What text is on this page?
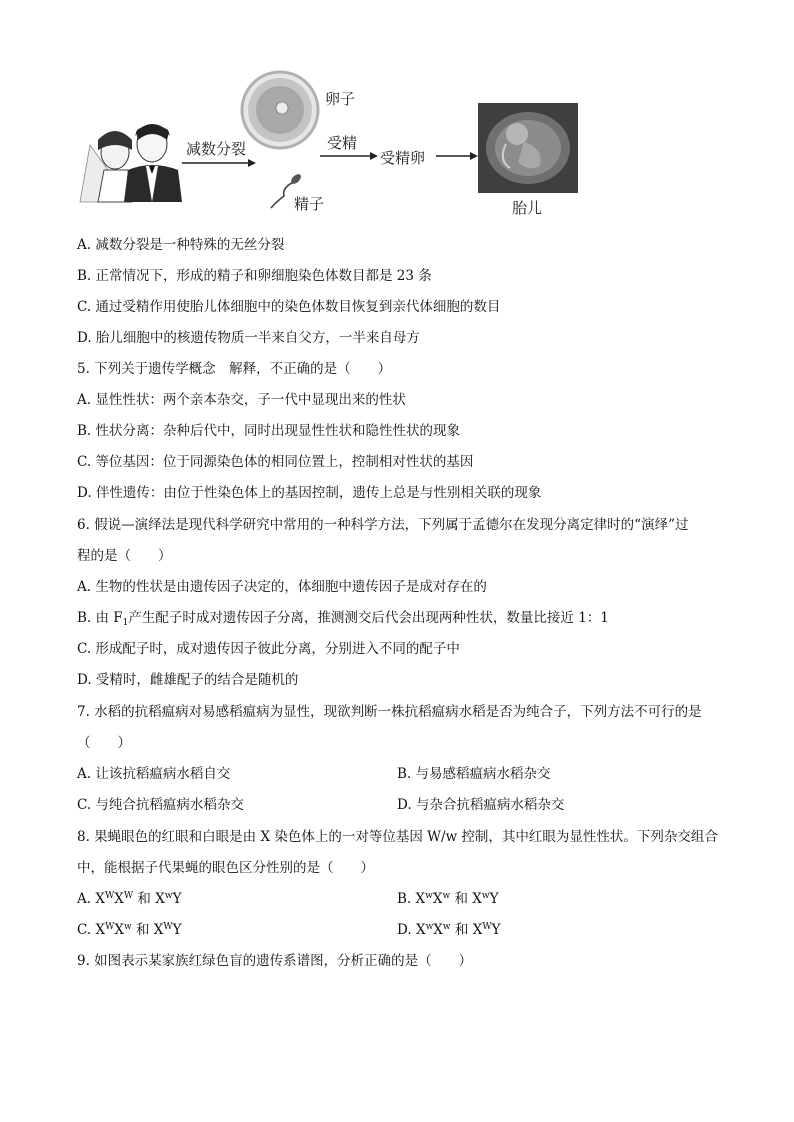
卵子
减数分裂	受精
受精卵
精子	胎儿
A. 减数分裂是一种特殊的无丝分裂
B. 正常情况下，形成的精子和卵细胞染色体数目都是 23 条
C. 通过受精作用使胎儿体细胞中的染色体数目恢复到亲代体细胞的数目
D. 胎儿细胞中的核遗传物质一半来自父方，一半来自母方
5. 下列关于遗传学概念　解释，不正确的是（　　）
A. 显性性状：两个亲本杂交，子一代中显现出来的性状
B. 性状分离：杂种后代中，同时出现显性性状和隐性性状的现象
C. 等位基因：位于同源染色体的相同位置上，控制相对性状的基因
D. 伴性遗传：由位于性染色体上的基因控制，遗传上总是与性别相关联的现象
6. 假说—演绎法是现代科学研究中常用的一种科学方法，下列属于孟德尔在发现分离定律时的“演绎”过
程的是（　　）
A. 生物的性状是由遗传因子决定的，体细胞中遗传因子是成对存在的
B. 由 $F_1$产生配子时成对遗传因子分离，推测测交后代会出现两种性状，数量比接近 1：1
C. 形成配子时，成对遗传因子彼此分离，分别进入不同的配子中
D. 受精时，雌雄配子的结合是随机的
7. 水稻的抗稻瘟病对易感稻瘟病为显性，现欲判断一株抗稻瘟病水稻是否为纯合子，下列方法不可行的是
（　　）
A. 让该抗稻瘟病水稻自交	B. 与易感稻瘟病水稻杂交
C. 与纯合抗稻瘟病水稻杂交	D. 与杂合抗稻瘟病水稻杂交
8. 果蝇眼色的红眼和白眼是由 X 染色体上的一对等位基因 W/w 控制，其中红眼为显性性状。下列杂交组合
中，能根据子代果蝇的眼色区分性别的是（　　）
A. $X^WX^W$ 和 $X^wY$	B. $X^wX^w$ 和 $X^wY$
C. $X^WX^w$ 和 $X^WY$	D. $X^wX^w$ 和 $X^WY$
9. 如图表示某家族红绿色盲的遗传系谱图，分析正确的是（　　）
